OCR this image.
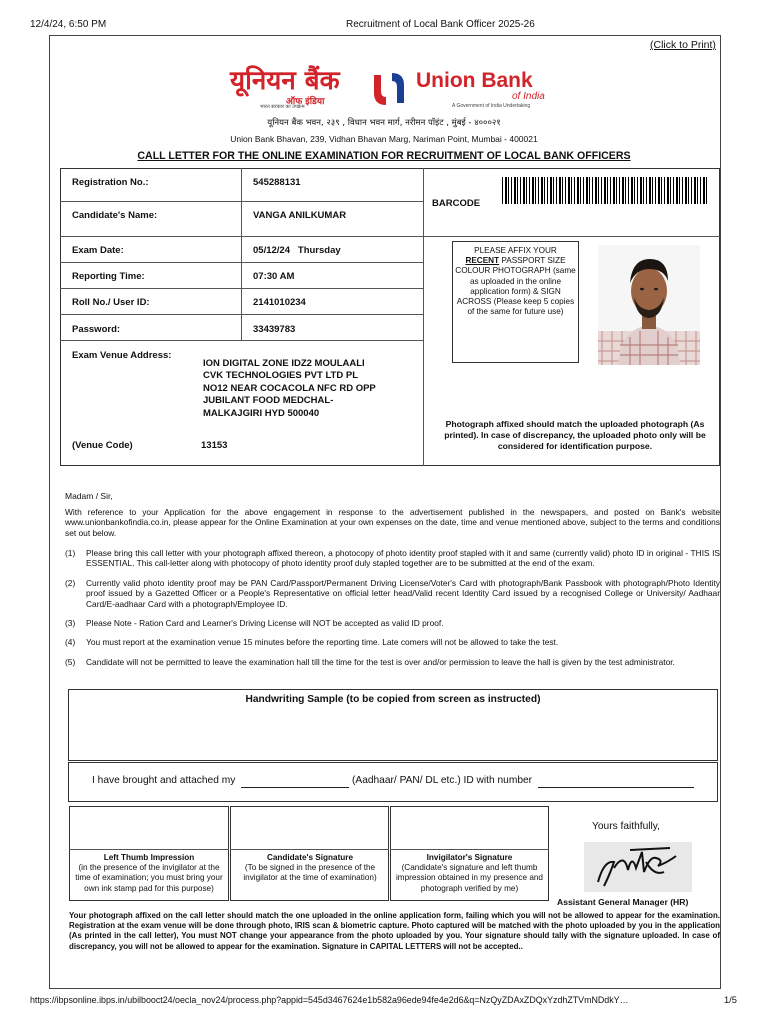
12/4/24, 6:50 PM	Recruitment of Local Bank Officer 2025-26
(Click to Print)
यूनियन बैंक
ऑफ इंडिया
भारत सरकार का उपक्रम
Union Bank
of India
A Government of India Undertaking
यूनियन बैंक भवन, २३९ , विधान भवन मार्ग, नरीमन पॉइंट , मुंबई - ४०००२१
Union Bank Bhavan, 239, Vidhan Bhavan Marg, Nariman Point, Mumbai - 400021
CALL LETTER FOR THE ONLINE EXAMINATION FOR RECRUITMENT OF LOCAL BANK OFFICERS
Registration No.:	545288131
Candidate's Name:	VANGA ANILKUMAR
BARCODE
Exam Date:	05/12/24   Thursday
Reporting Time:	07:30 AM
Roll No./ User ID:	2141010234
Password:	33439783
Exam Venue Address:
ION DIGITAL ZONE IDZ2 MOULAALI
CVK TECHNOLOGIES PVT LTD PL
NO12 NEAR COCACOLA NFC RD OPP
JUBILANT FOOD MEDCHAL-
MALKAJGIRI HYD 500040
(Venue Code)	13153
PLEASE AFFIX YOUR
RECENT PASSPORT SIZE
COLOUR PHOTOGRAPH (same as uploaded in the online application form) & SIGN ACROSS (Please keep 5 copies of the same for future use)
Photograph affixed should match the uploaded photograph (As printed). In case of discrepancy, the uploaded photo only will be considered for identification purpose.
Madam / Sir,
With reference to your Application for the above engagement in response to the advertisement published in the newspapers, and posted on Bank's website www.unionbankofindia.co.in, please appear for the Online Examination at your own expenses on the date, time and venue mentioned above, subject to the terms and conditions set out below.
(1)	Please bring this call letter with your photograph affixed thereon, a photocopy of photo identity proof stapled with it and same (currently valid) photo ID in original - THIS IS ESSENTIAL. This call-letter along with photocopy of photo identity proof duly stapled together are to be submitted at the end of the exam.
(2)	Currently valid photo identity proof may be PAN Card/Passport/Permanent Driving License/Voter's Card with photograph/Bank Passbook with photograph/Photo Identity proof issued by a Gazetted Officer or a People's Representative on official letter head/Valid recent Identity Card issued by a recognised College or University/ Aadhaar Card/E-aadhaar Card with a photograph/Employee ID.
(3)	Please Note - Ration Card and Learner's Driving License will NOT be accepted as valid ID proof.
(4)	You must report at the examination venue 15 minutes before the reporting time. Late comers will not be allowed to take the test.
(5)	Candidate will not be permitted to leave the examination hall till the time for the test is over and/or permission to leave the hall is given by the test administrator.
Handwriting Sample (to be copied from screen as instructed)
I have brought and attached my	(Aadhaar/ PAN/ DL etc.) ID with number
Left Thumb Impression
(in the presence of the invigilator at the time of examination; you must bring your own ink stamp pad for this purpose)
Candidate's Signature
(To be signed in the presence of the invigilator at the time of examination)
Invigilator's Signature
(Candidate's signature and left thumb impression obtained in my presence and photograph verified by me)
Yours faithfully,
Assistant General Manager (HR)
Your photograph affixed on the call letter should match the one uploaded in the online application form, failing which you will not be allowed to appear for the examination. Registration at the exam venue will be done through photo, IRIS scan & biometric capture. Photo captured will be matched with the photo uploaded by you in the application (As printed in the call letter), You must NOT change your appearance from the photo uploaded by you. Your signature should tally with the signature uploaded. In case of discrepancy, you will not be allowed to appear for the examination. Signature in CAPITAL LETTERS will not be accepted..
https://ibpsonline.ibps.in/ubilbooct24/oecla_nov24/process.php?appid=545d3467624e1b582a96ede94fe4e2d6&q=NzQyZDAxZDQxYzdhZTVmNDdkY…	1/5
